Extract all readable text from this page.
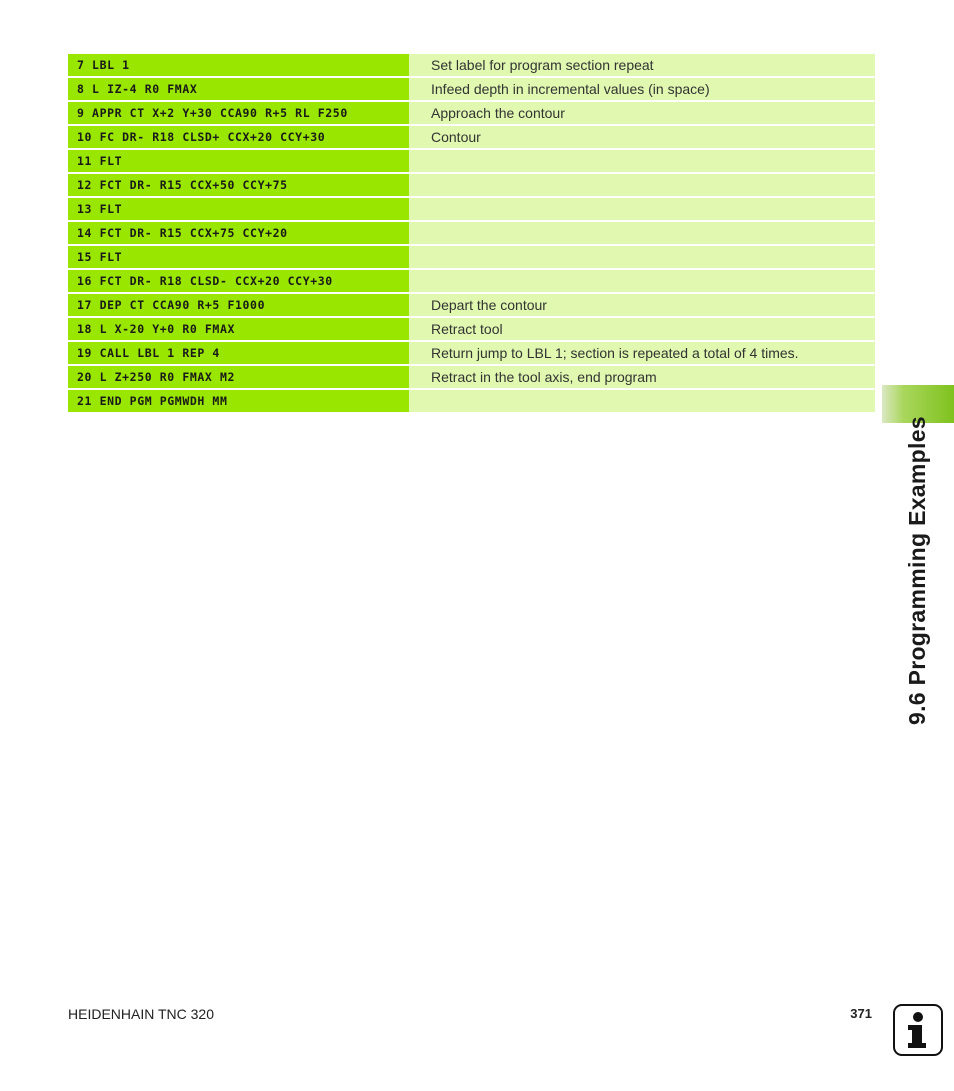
7 LBL 1	Set label for program section repeat
8 L IZ-4 R0 FMAX	Infeed depth in incremental values (in space)
9 APPR CT X+2 Y+30 CCA90 R+5 RL F250	Approach the contour
10 FC DR- R18 CLSD+ CCX+20 CCY+30	Contour
11 FLT
12 FCT DR- R15 CCX+50 CCY+75
13 FLT
14 FCT DR- R15 CCX+75 CCY+20
15 FLT
16 FCT DR- R18 CLSD- CCX+20 CCY+30
17 DEP CT CCA90 R+5 F1000	Depart the contour
18 L X-20 Y+0 R0 FMAX	Retract tool
19 CALL LBL 1 REP 4	Return jump to LBL 1; section is repeated a total of 4 times.
20 L Z+250 R0 FMAX M2	Retract in the tool axis, end program
21 END PGM PGMWDH MM
9.6 Programming Examples
HEIDENHAIN TNC 320	371
